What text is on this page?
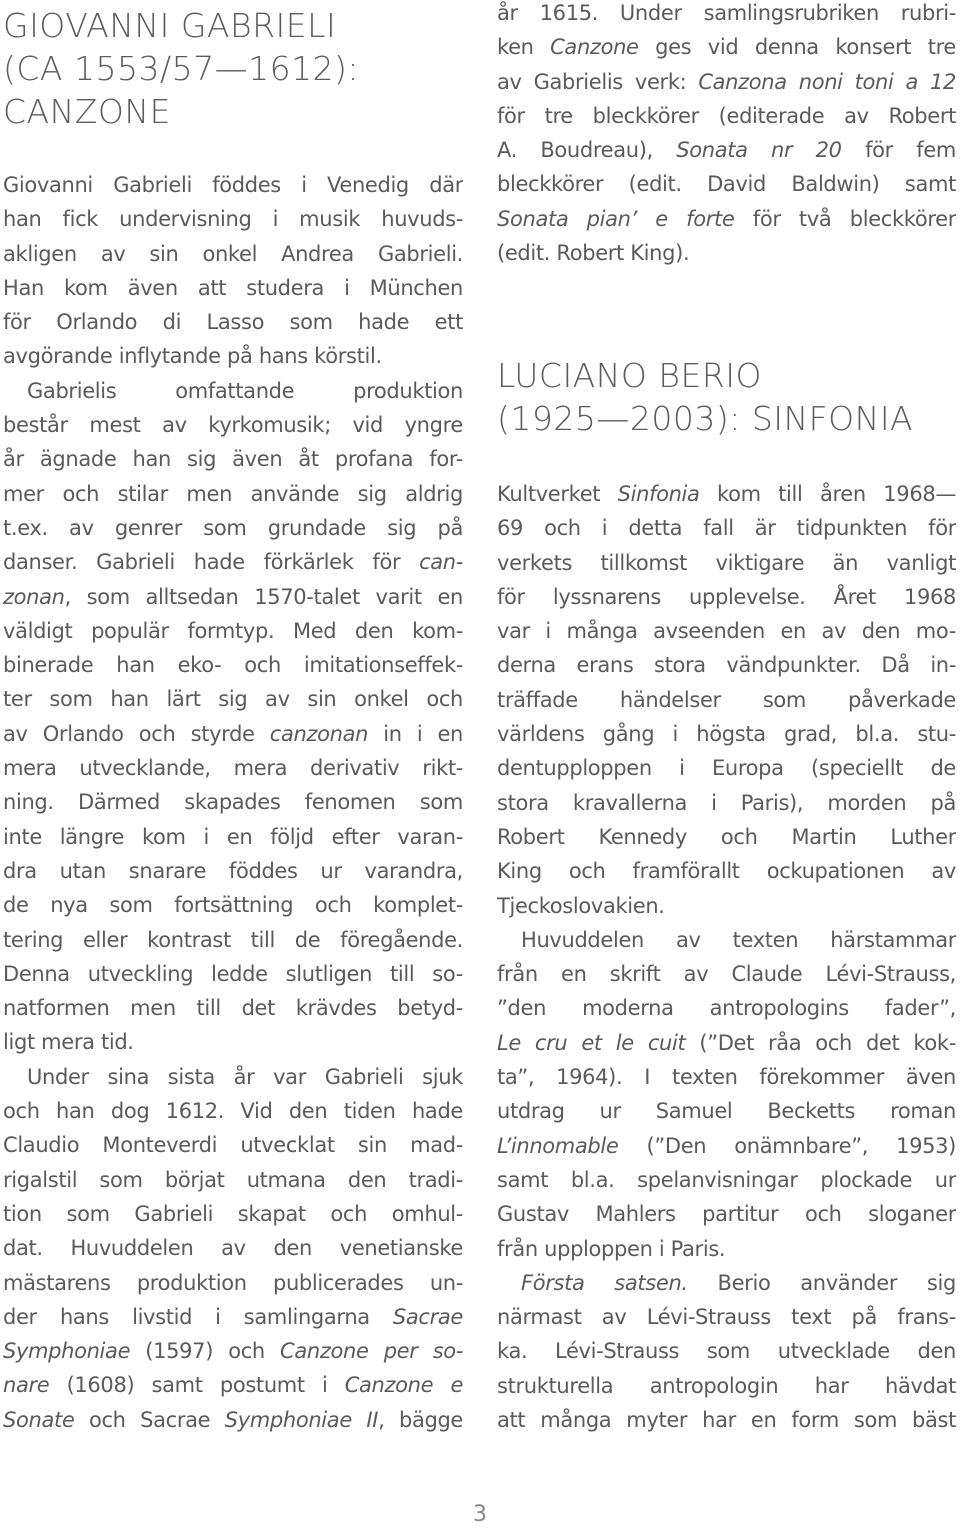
GIOVANNI GABRIELI
(CA 1553/57—1612):
CANZONE
Giovanni Gabrieli föddes i Venedig där
han fick undervisning i musik huvuds-
akligen av sin onkel Andrea Gabrieli.
Han kom även att studera i München
för Orlando di Lasso som hade ett
avgörande inflytande på hans körstil.
Gabrielis omfattande produktion
består mest av kyrkomusik; vid yngre
år ägnade han sig även åt profana for-
mer och stilar men använde sig aldrig
t.ex. av genrer som grundade sig på
danser. Gabrieli hade förkärlek för can-
zonan, som alltsedan 1570-talet varit en
väldigt populär formtyp. Med den kom-
binerade han eko- och imitationseffek-
ter som han lärt sig av sin onkel och
av Orlando och styrde canzonan in i en
mera utvecklande, mera derivativ rikt-
ning. Därmed skapades fenomen som
inte längre kom i en följd efter varan-
dra utan snarare föddes ur varandra,
de nya som fortsättning och komplet-
tering eller kontrast till de föregående.
Denna utveckling ledde slutligen till so-
natformen men till det krävdes betyd-
ligt mera tid.
Under sina sista år var Gabrieli sjuk
och han dog 1612. Vid den tiden hade
Claudio Monteverdi utvecklat sin mad-
rigalstil som börjat utmana den tradi-
tion som Gabrieli skapat och omhul-
dat. Huvuddelen av den venetianske
mästarens produktion publicerades un-
der hans livstid i samlingarna Sacrae
Symphoniae (1597) och Canzone per so-
nare (1608) samt postumt i Canzone e
Sonate och Sacrae Symphoniae II, bägge
år 1615. Under samlingsrubriken rubri-
ken Canzone ges vid denna konsert tre
av Gabrielis verk: Canzona noni toni a 12
för tre bleckkörer (editerade av Robert
A. Boudreau), Sonata nr 20 för fem
bleckkörer (edit. David Baldwin) samt
Sonata pian’ e forte för två bleckkörer
(edit. Robert King).
LUCIANO BERIO
(1925—2003): SINFONIA
Kultverket Sinfonia kom till åren 1968—
69 och i detta fall är tidpunkten för
verkets tillkomst viktigare än vanligt
för lyssnarens upplevelse. Året 1968
var i många avseenden en av den mo-
derna erans stora vändpunkter. Då in-
träffade händelser som påverkade
världens gång i högsta grad, bl.a. stu-
dentupploppen i Europa (speciellt de
stora kravallerna i Paris), morden på
Robert Kennedy och Martin Luther
King och framförallt ockupationen av
Tjeckoslovakien.
Huvuddelen av texten härstammar
från en skrift av Claude Lévi-Strauss,
”den moderna antropologins fader”,
Le cru et le cuit (”Det råa och det kok-
ta”, 1964). I texten förekommer även
utdrag ur Samuel Becketts roman
L’innomable (”Den onämnbare”, 1953)
samt bl.a. spelanvisningar plockade ur
Gustav Mahlers partitur och sloganer
från upploppen i Paris.
Första satsen. Berio använder sig
närmast av Lévi-Strauss text på frans-
ka. Lévi-Strauss som utvecklade den
strukturella antropologin har hävdat
att många myter har en form som bäst
3
